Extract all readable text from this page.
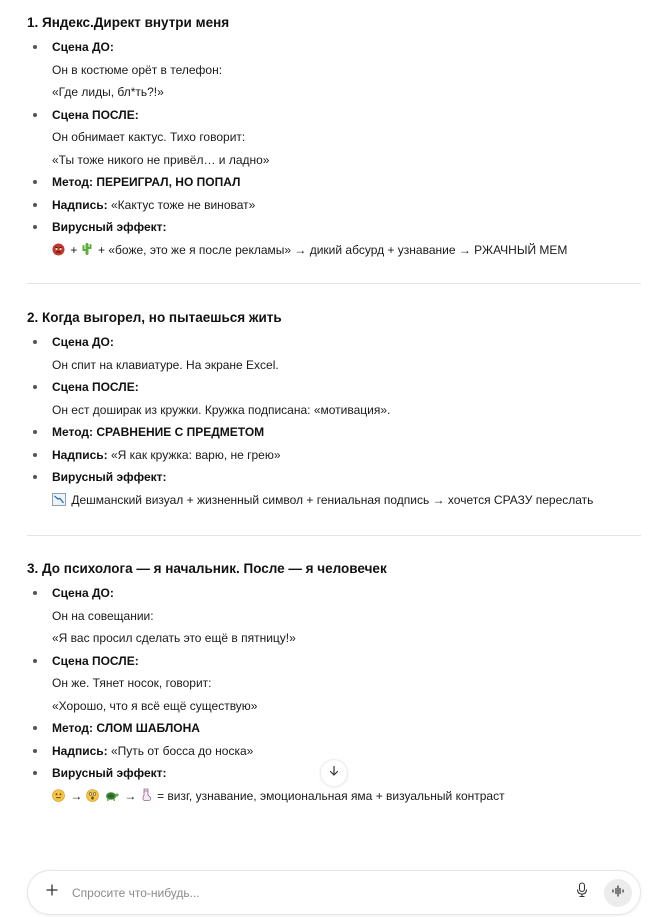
1. Яндекс.Директ внутри меня
Сцена ДО:
Он в костюме орёт в телефон:
«Где лиды, бл*ть?!»
Сцена ПОСЛЕ:
Он обнимает кактус. Тихо говорит:
«Ты тоже никого не привёл… и ладно»
Метод: ПЕРЕИГРАЛ, НО ПОПАЛ
Надпись: «Кактус тоже не виноват»
Вирусный эффект:
+  + «боже, это же я после рекламы» → дикий абсурд + узнавание → РЖАЧНЫЙ МЕМ
2. Когда выгорел, но пытаешься жить
Сцена ДО:
Он спит на клавиатуре. На экране Excel.
Сцена ПОСЛЕ:
Он ест доширак из кружки. Кружка подписана: «мотивация».
Метод: СРАВНЕНИЕ С ПРЕДМЕТОМ
Надпись: «Я как кружка: варю, не грею»
Вирусный эффект:
Дешманский визуал + жизненный символ + гениальная подпись → хочется СРАЗУ переслать
3. До психолога — я начальник. После — я человечек
Сцена ДО:
Он на совещании:
«Я вас просил сделать это ещё в пятницу!»
Сцена ПОСЛЕ:
Он же. Тянет носок, говорит:
«Хорошо, что я всё ещё существую»
Метод: СЛОМ ШАБЛОНА
Надпись: «Путь от босса до носка»
Вирусный эффект:
→	→ = визг, узнавание, эмоциональная яма + визуальный контраст
Спросите что-нибудь...
